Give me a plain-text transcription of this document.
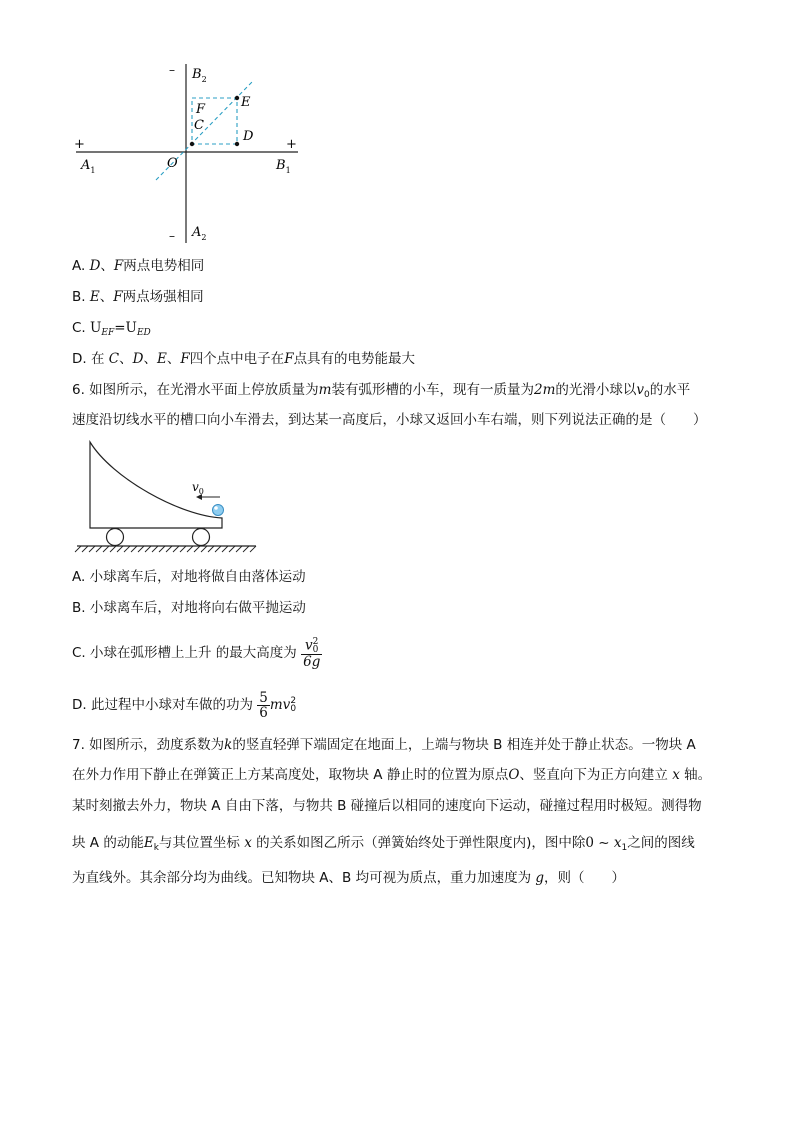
– $B_2$
E
F
C
D
+	+
$A_1$	O	$B_1$
– $A_2$
A. D、F两点电势相同
B. E、F两点场强相同
C. $U_{EF}=U_{ED}$
D. 在 C、D、E、F四个点中电子在F点具有的电势能最大
6. 如图所示，在光滑水平面上停放质量为m装有弧形槽的小车，现有一质量为2m的光滑小球以$v_0$的水平
速度沿切线水平的槽口向小车滑去，到达某一高度后，小球又返回小车右端，则下列说法正确的是（　　）
$v_0$
A. 小球离车后，对地将做自由落体运动
B. 小球离车后，对地将向右做平抛运动
C. 小球在弧形槽上上升 的最大高度为 v 2
0
6g
D. 此过程中小球对车做的功为 $\frac{5}{6}$ mv 2
0
7. 如图所示，劲度系数为k的竖直轻弹下端固定在地面上，上端与物块 B 相连并处于静止状态。一物块 A
在外力作用下静止在弹簧正上方某高度处，取物块 A 静止时的位置为原点O、竖直向下为正方向建立 x 轴。
某时刻撤去外力，物块 A 自由下落，与物共 B 碰撞后以相同的速度向下运动，碰撞过程用时极短。测得物
块 A 的动能$E_k$与其位置坐标 x 的关系如图乙所示（弹簧始终处于弹性限度内)，图中除0 ~ $x_1$之间的图线
为直线外。其余部分均为曲线。已知物块 A、B 均可视为质点，重力加速度为 g，则（　　）
